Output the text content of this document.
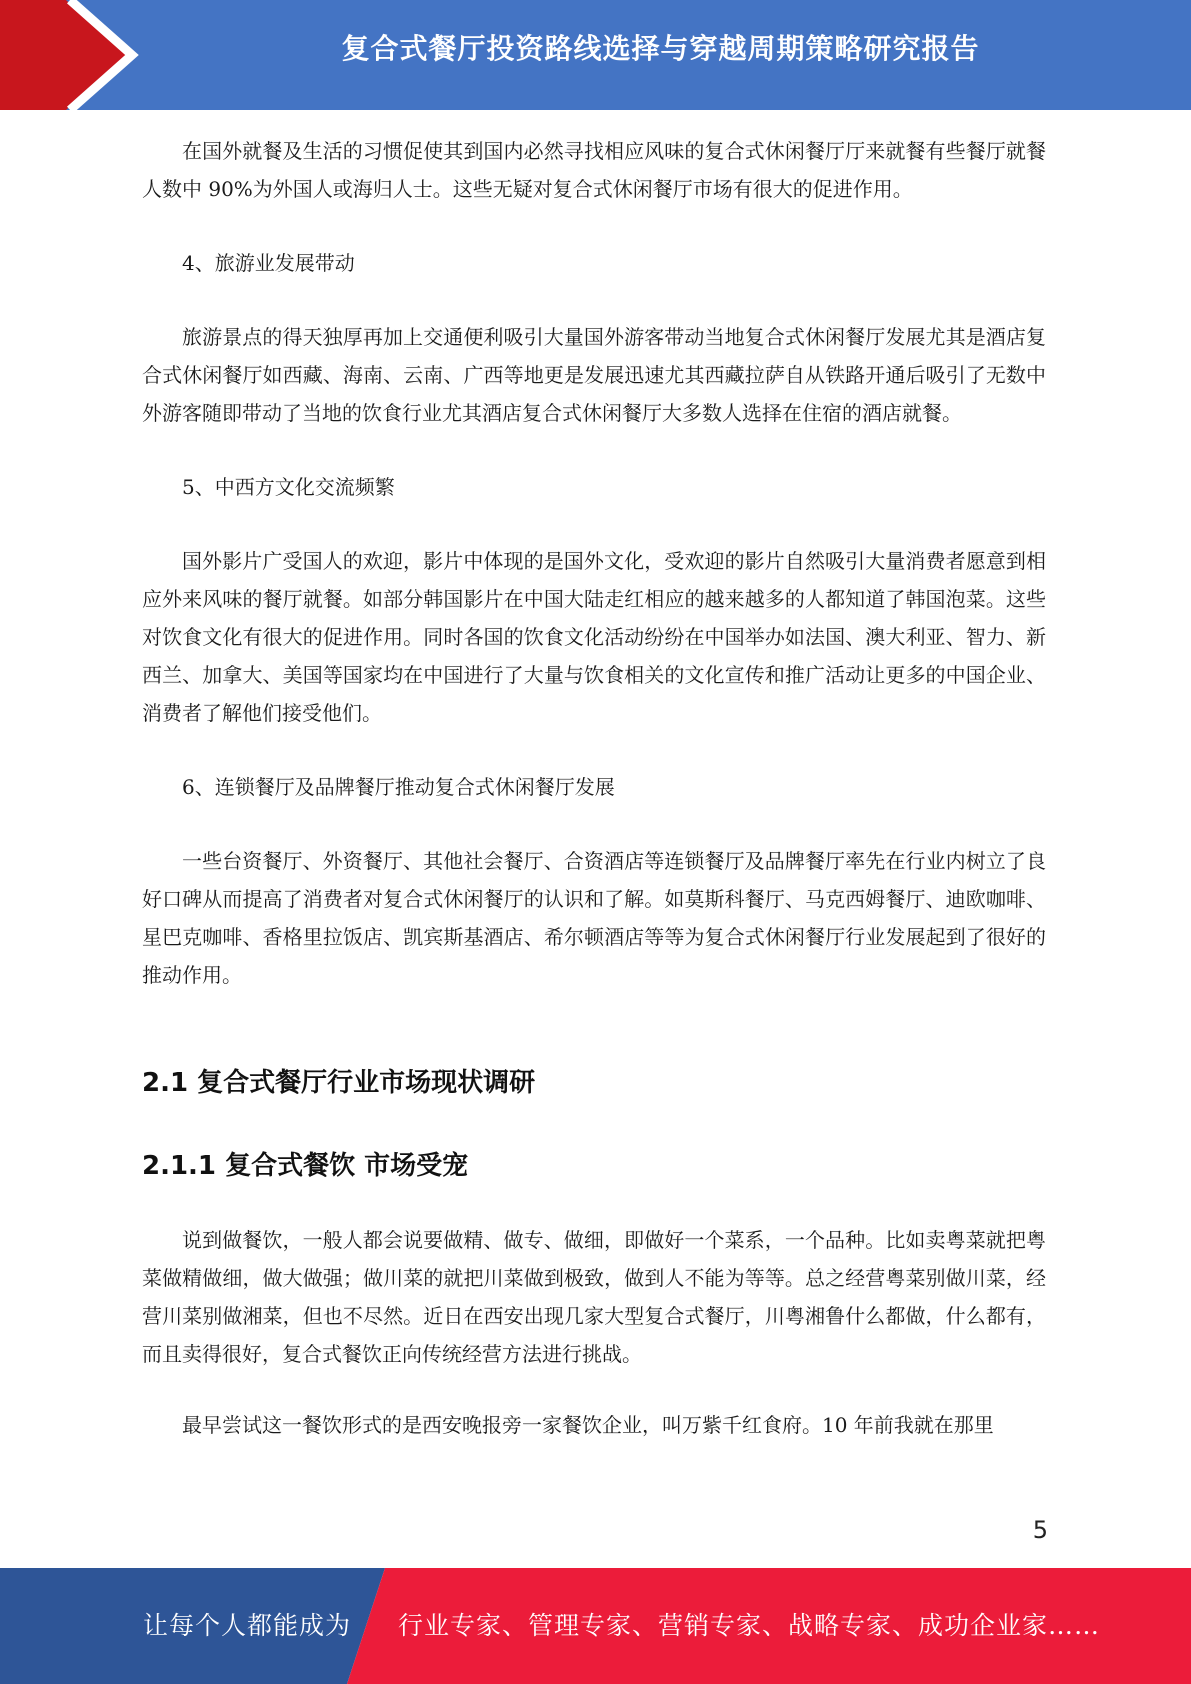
复合式餐厅投资路线选择与穿越周期策略研究报告

在国外就餐及生活的习惯促使其到国内必然寻找相应风味的复合式休闲餐厅厅来就餐有些餐厅就餐人数中 90%为外国人或海归人士。这些无疑对复合式休闲餐厅市场有很大的促进作用。

4、旅游业发展带动

旅游景点的得天独厚再加上交通便利吸引大量国外游客带动当地复合式休闲餐厅发展尤其是酒店复合式休闲餐厅如西藏、海南、云南、广西等地更是发展迅速尤其西藏拉萨自从铁路开通后吸引了无数中外游客随即带动了当地的饮食行业尤其酒店复合式休闲餐厅大多数人选择在住宿的酒店就餐。

5、中西方文化交流频繁

国外影片广受国人的欢迎，影片中体现的是国外文化，受欢迎的影片自然吸引大量消费者愿意到相应外来风味的餐厅就餐。如部分韩国影片在中国大陆走红相应的越来越多的人都知道了韩国泡菜。这些对饮食文化有很大的促进作用。同时各国的饮食文化活动纷纷在中国举办如法国、澳大利亚、智力、新西兰、加拿大、美国等国家均在中国进行了大量与饮食相关的文化宣传和推广活动让更多的中国企业、消费者了解他们接受他们。

6、连锁餐厅及品牌餐厅推动复合式休闲餐厅发展

一些台资餐厅、外资餐厅、其他社会餐厅、合资酒店等连锁餐厅及品牌餐厅率先在行业内树立了良好口碑从而提高了消费者对复合式休闲餐厅的认识和了解。如莫斯科餐厅、马克西姆餐厅、迪欧咖啡、星巴克咖啡、香格里拉饭店、凯宾斯基酒店、希尔顿酒店等等为复合式休闲餐厅行业发展起到了很好的推动作用。

2.1 复合式餐厅行业市场现状调研
2.1.1 复合式餐饮 市场受宠

说到做餐饮，一般人都会说要做精、做专、做细，即做好一个菜系，一个品种。比如卖粤菜就把粤菜做精做细，做大做强；做川菜的就把川菜做到极致，做到人不能为等等。总之经营粤菜别做川菜，经营川菜别做湘菜，但也不尽然。近日在西安出现几家大型复合式餐厅，川粤湘鲁什么都做，什么都有，而且卖得很好，复合式餐饮正向传统经营方法进行挑战。

最早尝试这一餐饮形式的是西安晚报旁一家餐饮企业，叫万紫千红食府。10 年前我就在那里

5
让每个人都能成为 行业专家、管理专家、营销专家、战略专家、成功企业家……
